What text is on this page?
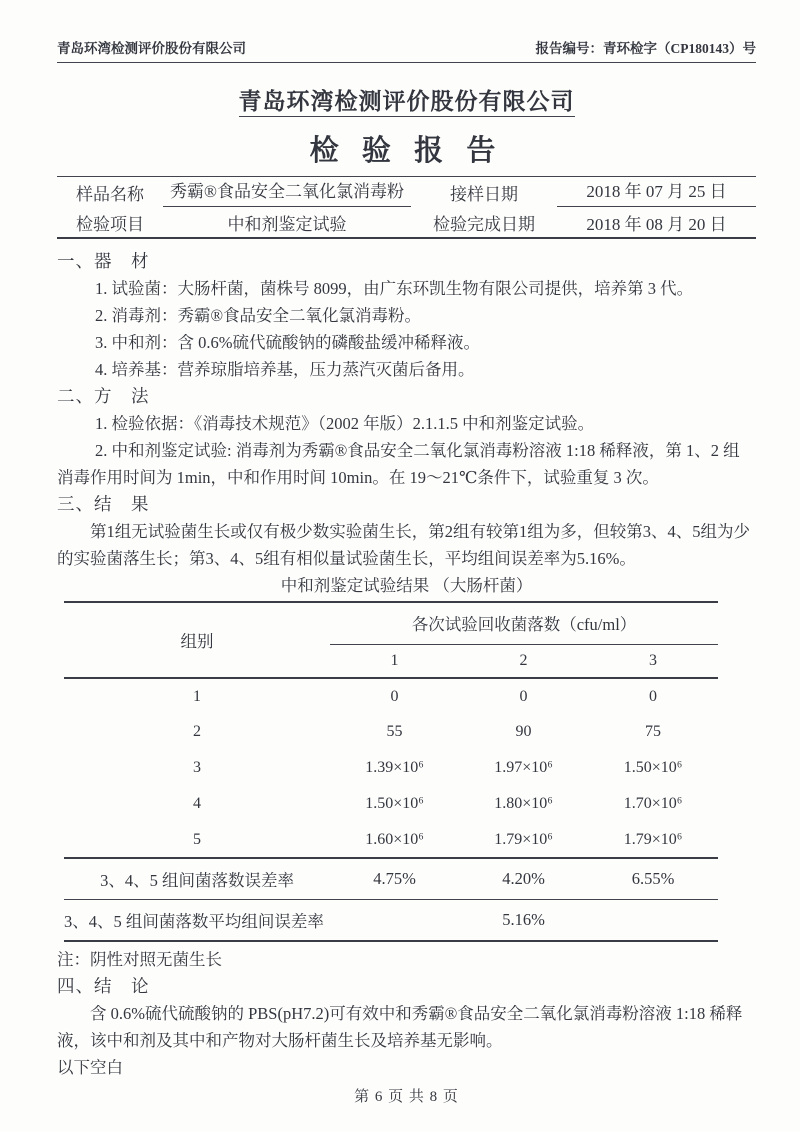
青岛环湾检测评价股份有限公司	报告编号：青环检字（CP180143）号
青岛环湾检测评价股份有限公司
检 验 报 告
样品名称	秀霸®食品安全二氧化氯消毒粉	接样日期	2018 年 07 月 25 日
检验项目	中和剂鉴定试验	检验完成日期	2018 年 08 月 20 日
一、器　材
1. 试验菌：大肠杆菌，菌株号 8099，由广东环凯生物有限公司提供，培养第 3 代。
2. 消毒剂：秀霸®食品安全二氧化氯消毒粉。
3. 中和剂：含 0.6%硫代硫酸钠的磷酸盐缓冲稀释液。
4. 培养基：营养琼脂培养基，压力蒸汽灭菌后备用。
二、方　法
1. 检验依据：《消毒技术规范》（2002 年版）2.1.1.5 中和剂鉴定试验。
2. 中和剂鉴定试验: 消毒剂为秀霸®食品安全二氧化氯消毒粉溶液 1:18 稀释液，第 1、2 组消毒作用时间为 1min，中和作用时间 10min。在 19～21℃条件下，试验重复 3 次。
三、结　果
第1组无试验菌生长或仅有极少数实验菌生长，第2组有较第1组为多，但较第3、4、5组为少的实验菌落生长；第3、4、5组有相似量试验菌生长，平均组间误差率为5.16%。
中和剂鉴定试验结果 （大肠杆菌）
组别	各次试验回收菌落数（cfu/ml）		
	1	2	3
1	0	0	0
2	55	90	75
3	1.39×10⁶	1.97×10⁶	1.50×10⁶
4	1.50×10⁶	1.80×10⁶	1.70×10⁶
5	1.60×10⁶	1.79×10⁶	1.79×10⁶
3、4、5 组间菌落数误差率	4.75%	4.20%	6.55%
3、4、5 组间菌落数平均组间误差率		5.16%	
注：阴性对照无菌生长
四、结　论
含 0.6%硫代硫酸钠的 PBS(pH7.2)可有效中和秀霸®食品安全二氧化氯消毒粉溶液 1:18 稀释液，该中和剂及其中和产物对大肠杆菌生长及培养基无影响。
以下空白
第 6 页 共 8 页
